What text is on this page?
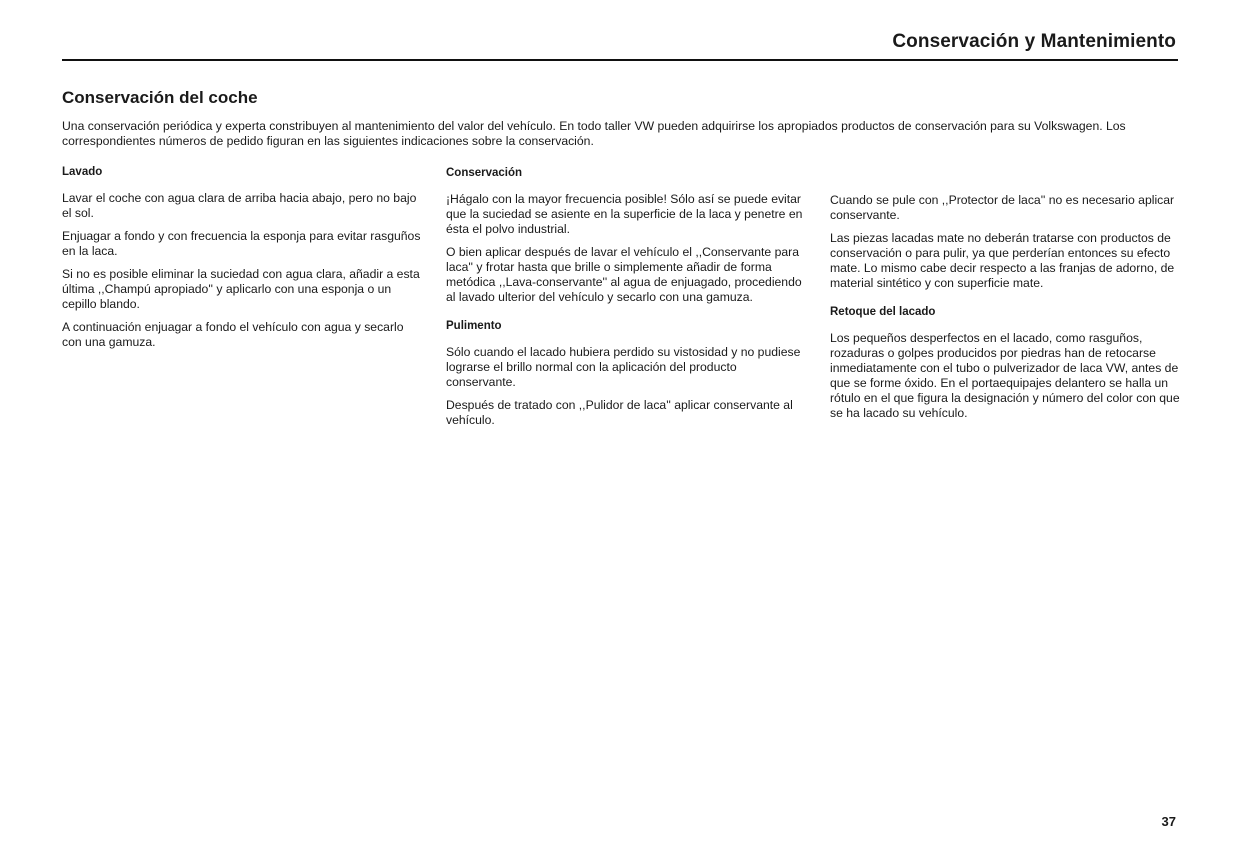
Conservación y Mantenimiento
Conservación del coche

Una conservación periódica y experta constribuyen al mantenimiento del valor del vehículo. En todo taller VW pueden adquirirse los apropiados productos de conservación para su Volkswagen. Los correspondientes números de pedido figuran en las siguientes indicaciones sobre la conservación.

Lavado

Lavar el coche con agua clara de arriba hacia abajo, pero no bajo el sol.

Enjuagar a fondo y con frecuencia la esponja para evitar rasguños en la laca.

Si no es posible eliminar la suciedad con agua clara, añadir a esta última ,,Champú apropiado'' y aplicarlo con una esponja o un cepillo blando.

A continuación enjuagar a fondo el vehículo con agua y secarlo con una gamuza.

Conservación

¡Hágalo con la mayor frecuencia posible! Sólo así se puede evitar que la suciedad se asiente en la superficie de la laca y penetre en ésta el polvo industrial.

O bien aplicar después de lavar el vehículo el ,,Conservante para laca'' y frotar hasta que brille o simplemente añadir de forma metódica ,,Lava-conservante'' al agua de enjuagado, procediendo al lavado ulterior del vehículo y secarlo con una gamuza.

Pulimento

Sólo cuando el lacado hubiera perdido su vistosidad y no pudiese lograrse el brillo normal con la aplicación del producto conservante.

Después de tratado con ,,Pulidor de laca'' aplicar conservante al vehículo.

Cuando se pule con ,,Protector de laca'' no es necesario aplicar conservante.

Las piezas lacadas mate no deberán tratarse con productos de conservación o para pulir, ya que perderían entonces su efecto mate. Lo mismo cabe decir respecto a las franjas de adorno, de material sintético y con superficie mate.

Retoque del lacado

Los pequeños desperfectos en el lacado, como rasguños, rozaduras o golpes producidos por piedras han de retocarse inmediatamente con el tubo o pulverizador de laca VW, antes de que se forme óxido. En el portaequipajes delantero se halla un rótulo en el que figura la designación y número del color con que se ha lacado su vehículo.

37
